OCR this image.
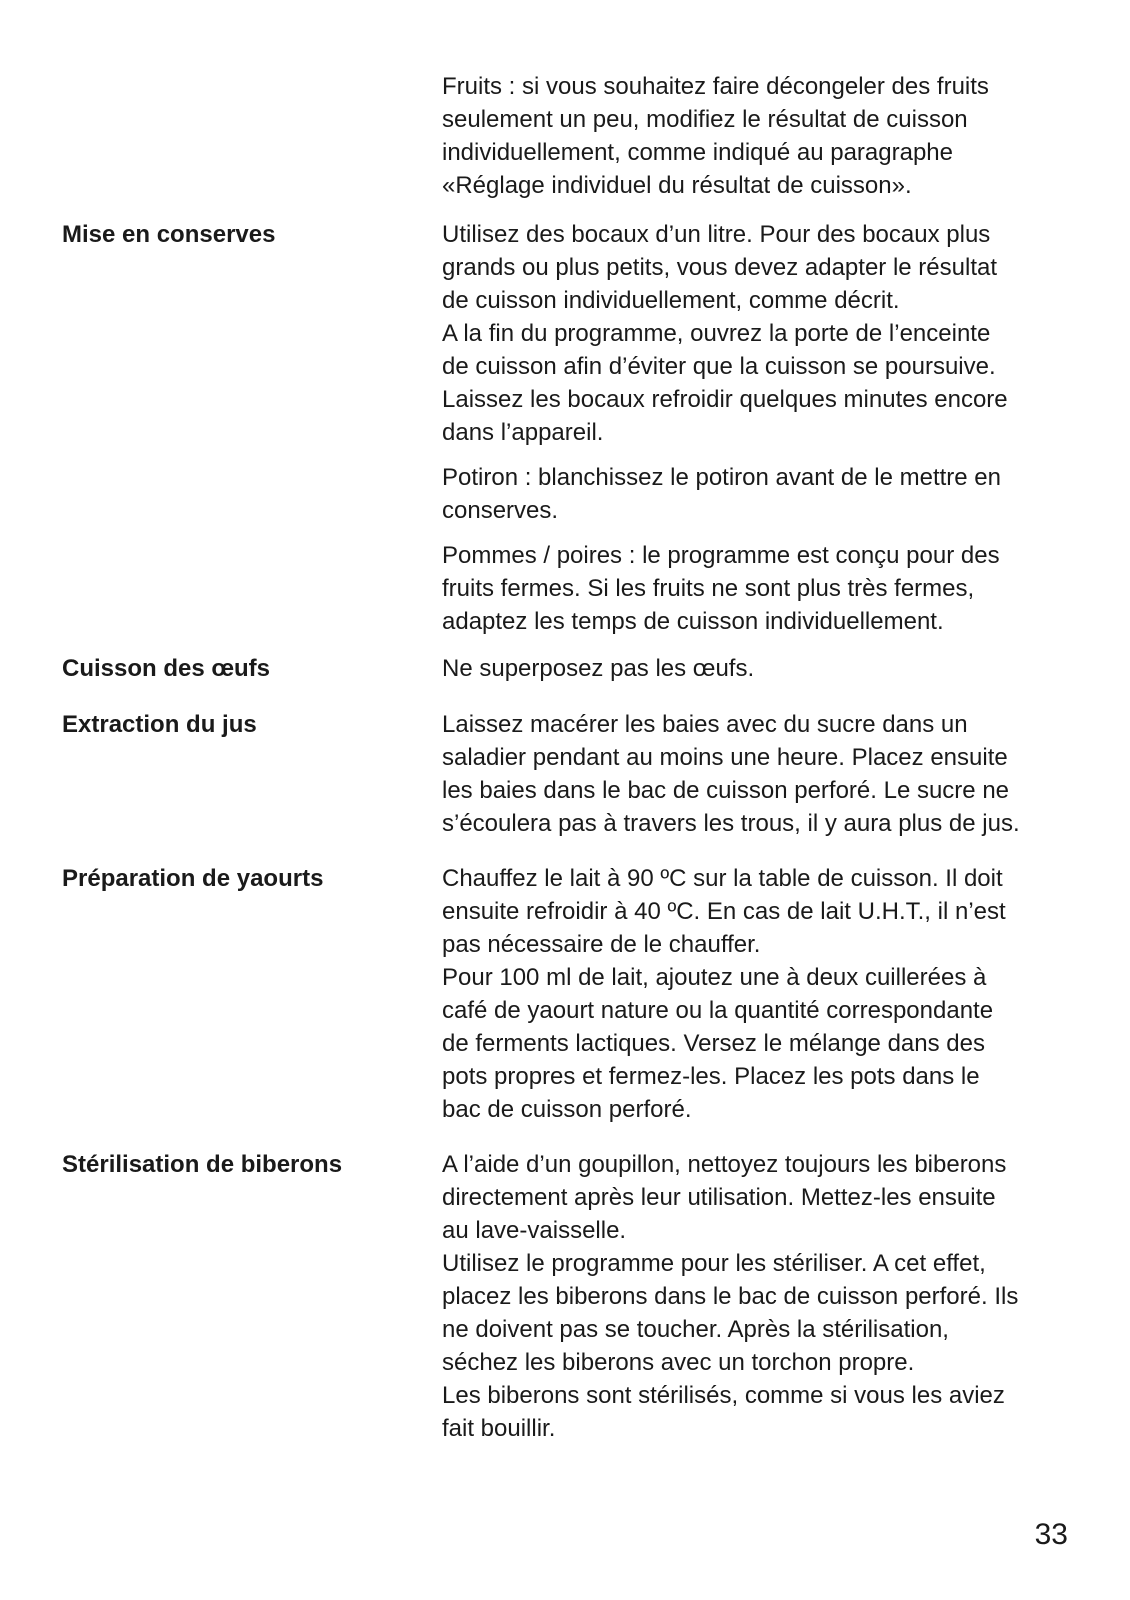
Fruits : si vous souhaitez faire décongeler des fruits
seulement un peu, modifiez le résultat de cuisson
individuellement, comme indiqué au paragraphe
«Réglage individuel du résultat de cuisson».

Mise en conserves	Utilisez des bocaux d’un litre. Pour des bocaux plus
grands ou plus petits, vous devez adapter le résultat
de cuisson individuellement, comme décrit.
A la fin du programme, ouvrez la porte de l’enceinte
de cuisson afin d’éviter que la cuisson se poursuive.
Laissez les bocaux refroidir quelques minutes encore
dans l’appareil.

Potiron : blanchissez le potiron avant de le mettre en
conserves.

Pommes / poires : le programme est conçu pour des
fruits fermes. Si les fruits ne sont plus très fermes,
adaptez les temps de cuisson individuellement.

Cuisson des œufs	Ne superposez pas les œufs.

Extraction du jus	Laissez macérer les baies avec du sucre dans un
saladier pendant au moins une heure. Placez ensuite
les baies dans le bac de cuisson perforé. Le sucre ne
s’écoulera pas à travers les trous, il y aura plus de jus.

Préparation de yaourts	Chauffez le lait à 90 ºC sur la table de cuisson. Il doit
ensuite refroidir à 40 ºC. En cas de lait U.H.T., il n’est
pas nécessaire de le chauffer.
Pour 100 ml de lait, ajoutez une à deux cuillerées à
café de yaourt nature ou la quantité correspondante
de ferments lactiques. Versez le mélange dans des
pots propres et fermez-les. Placez les pots dans le
bac de cuisson perforé.

Stérilisation de biberons	A l’aide d’un goupillon, nettoyez toujours les biberons
directement après leur utilisation. Mettez-les ensuite
au lave-vaisselle.
Utilisez le programme pour les stériliser. A cet effet,
placez les biberons dans le bac de cuisson perforé. Ils
ne doivent pas se toucher. Après la stérilisation,
séchez les biberons avec un torchon propre.
Les biberons sont stérilisés, comme si vous les aviez
fait bouillir.

33
